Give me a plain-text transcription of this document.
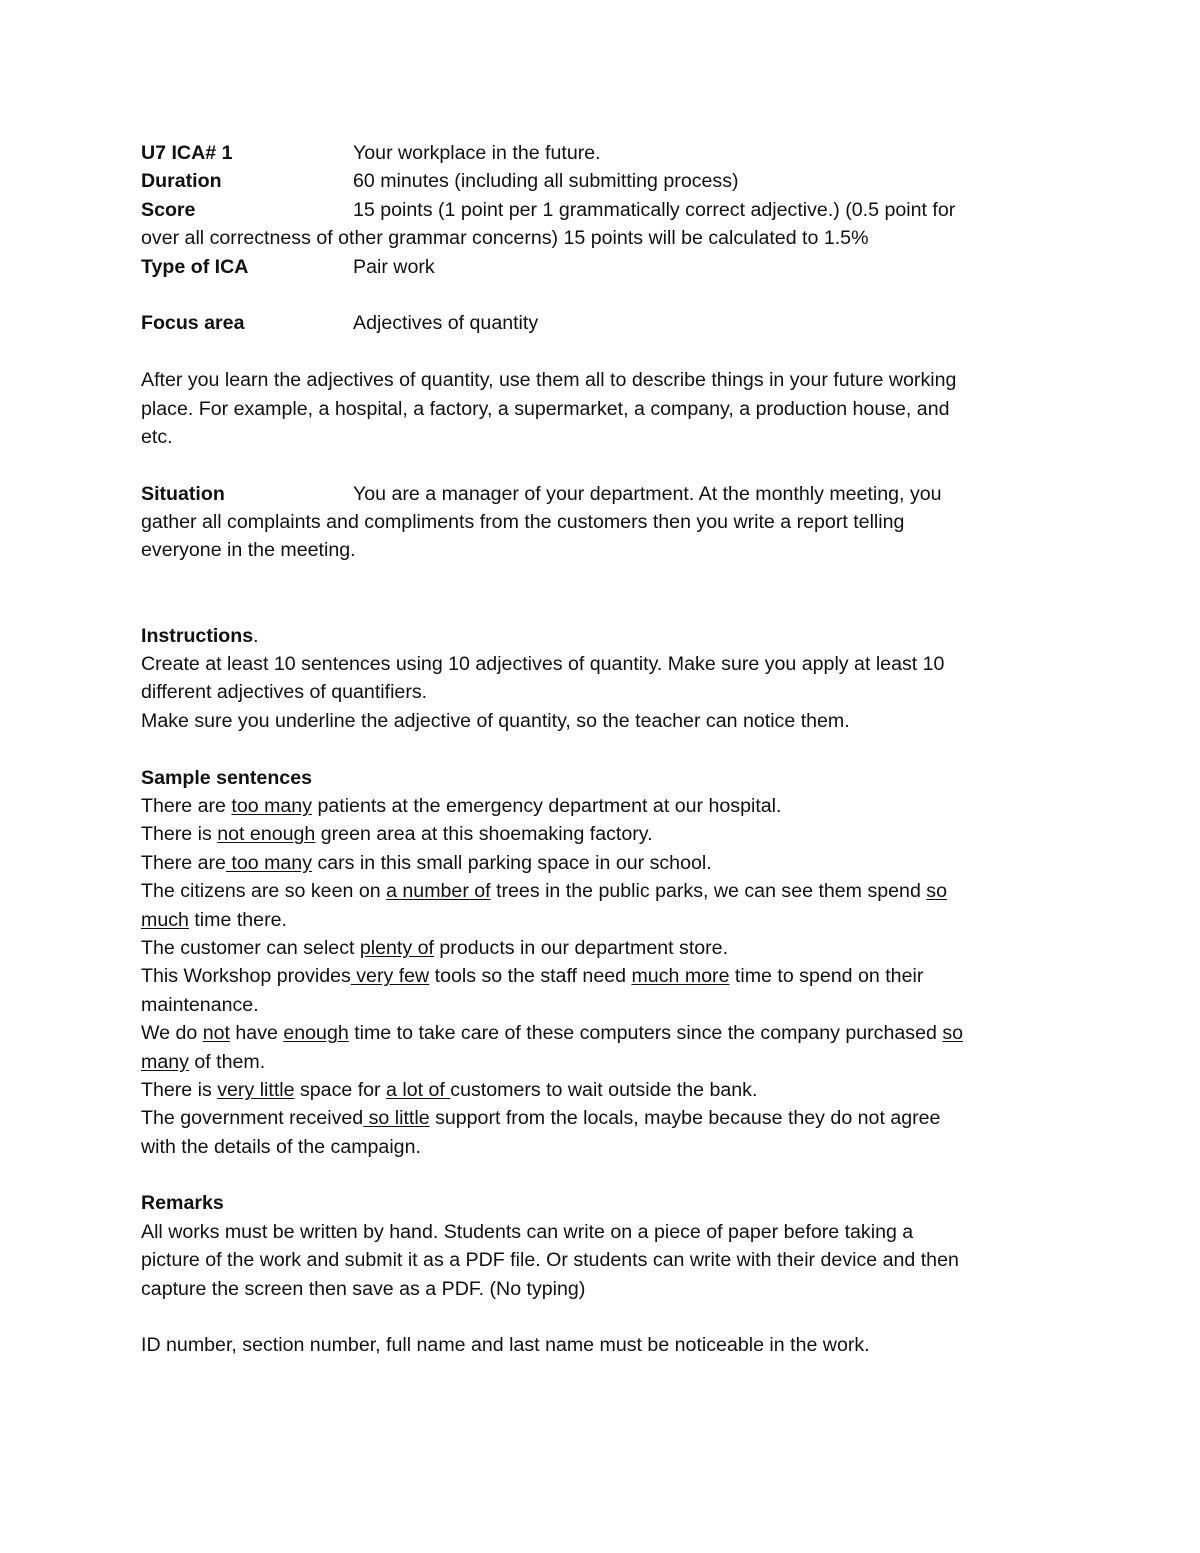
U7 ICA# 1	Your workplace in the future.
Duration	60 minutes (including all submitting process)
Score	15 points (1 point per 1 grammatically correct adjective.) (0.5 point for
over all correctness of other grammar concerns) 15 points will be calculated to 1.5%
Type of ICA	Pair work
Focus area	Adjectives of quantity
After you learn the adjectives of quantity, use them all to describe things in your future working
place. For example, a hospital, a factory, a supermarket, a company, a production house, and
etc.
Situation	You are a manager of your department. At the monthly meeting, you
gather all complaints and compliments from the customers then you write a report telling
everyone in the meeting.
Instructions.
Create at least 10 sentences using 10 adjectives of quantity. Make sure you apply at least 10
different adjectives of quantifiers.
Make sure you underline the adjective of quantity, so the teacher can notice them.
Sample sentences
There are too many patients at the emergency department at our hospital.
There is not enough green area at this shoemaking factory.
There are too many cars in this small parking space in our school.
The citizens are so keen on a number of trees in the public parks, we can see them spend so
much time there.
The customer can select plenty of products in our department store.
This Workshop provides very few tools so the staff need much more time to spend on their
maintenance.
We do not have enough time to take care of these computers since the company purchased so
many of them.
There is very little space for a lot of customers to wait outside the bank.
The government received so little support from the locals, maybe because they do not agree
with the details of the campaign.
Remarks
All works must be written by hand. Students can write on a piece of paper before taking a
picture of the work and submit it as a PDF file. Or students can write with their device and then
capture the screen then save as a PDF. (No typing)
ID number, section number, full name and last name must be noticeable in the work.
